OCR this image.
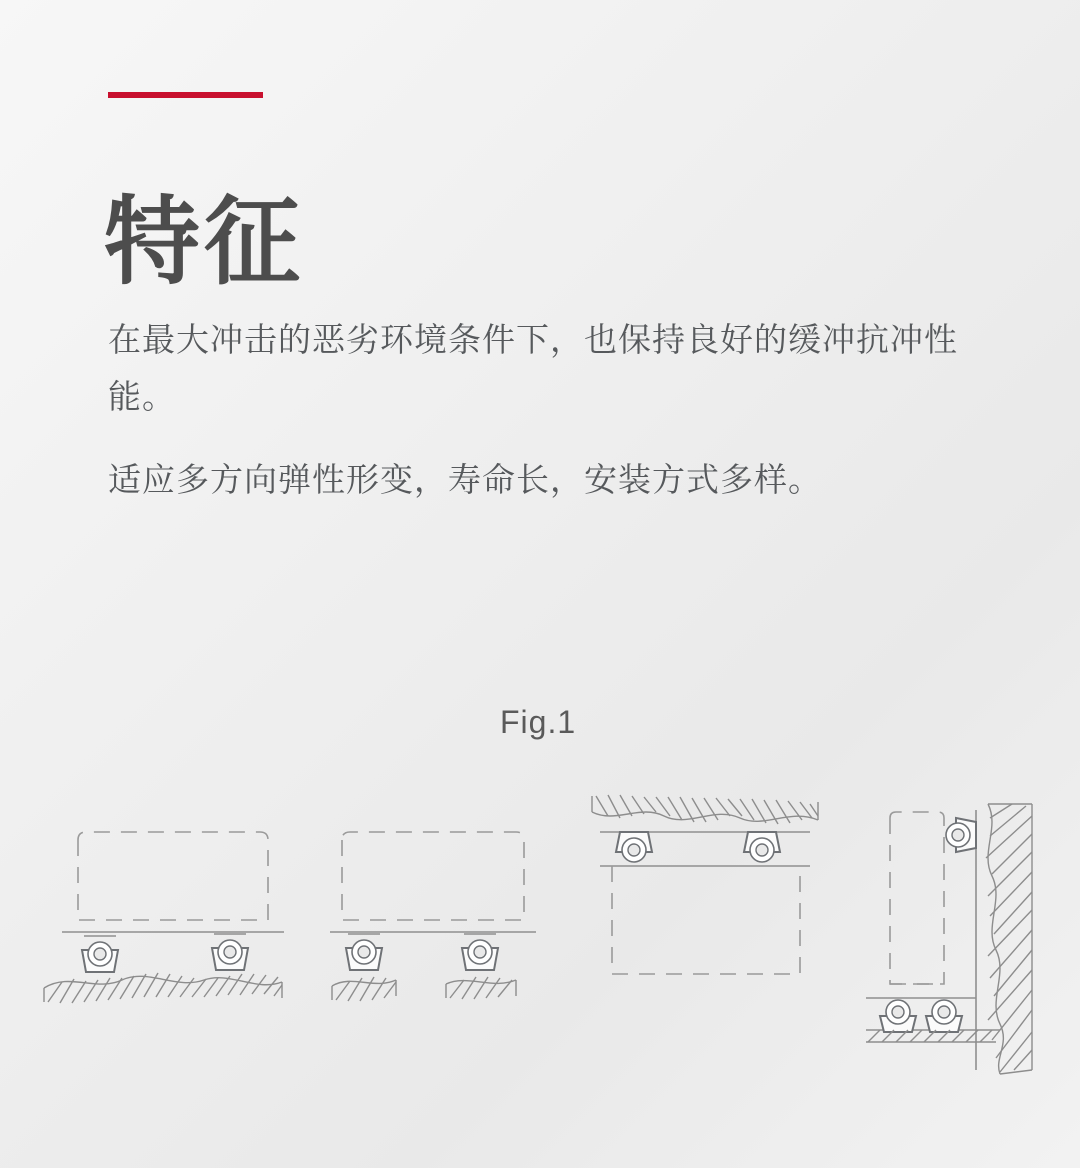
特征

在最大冲击的恶劣环境条件下，也保持良好的缓冲抗冲性能。

适应多方向弹性形变，寿命长，安装方式多样。

Fig.1
